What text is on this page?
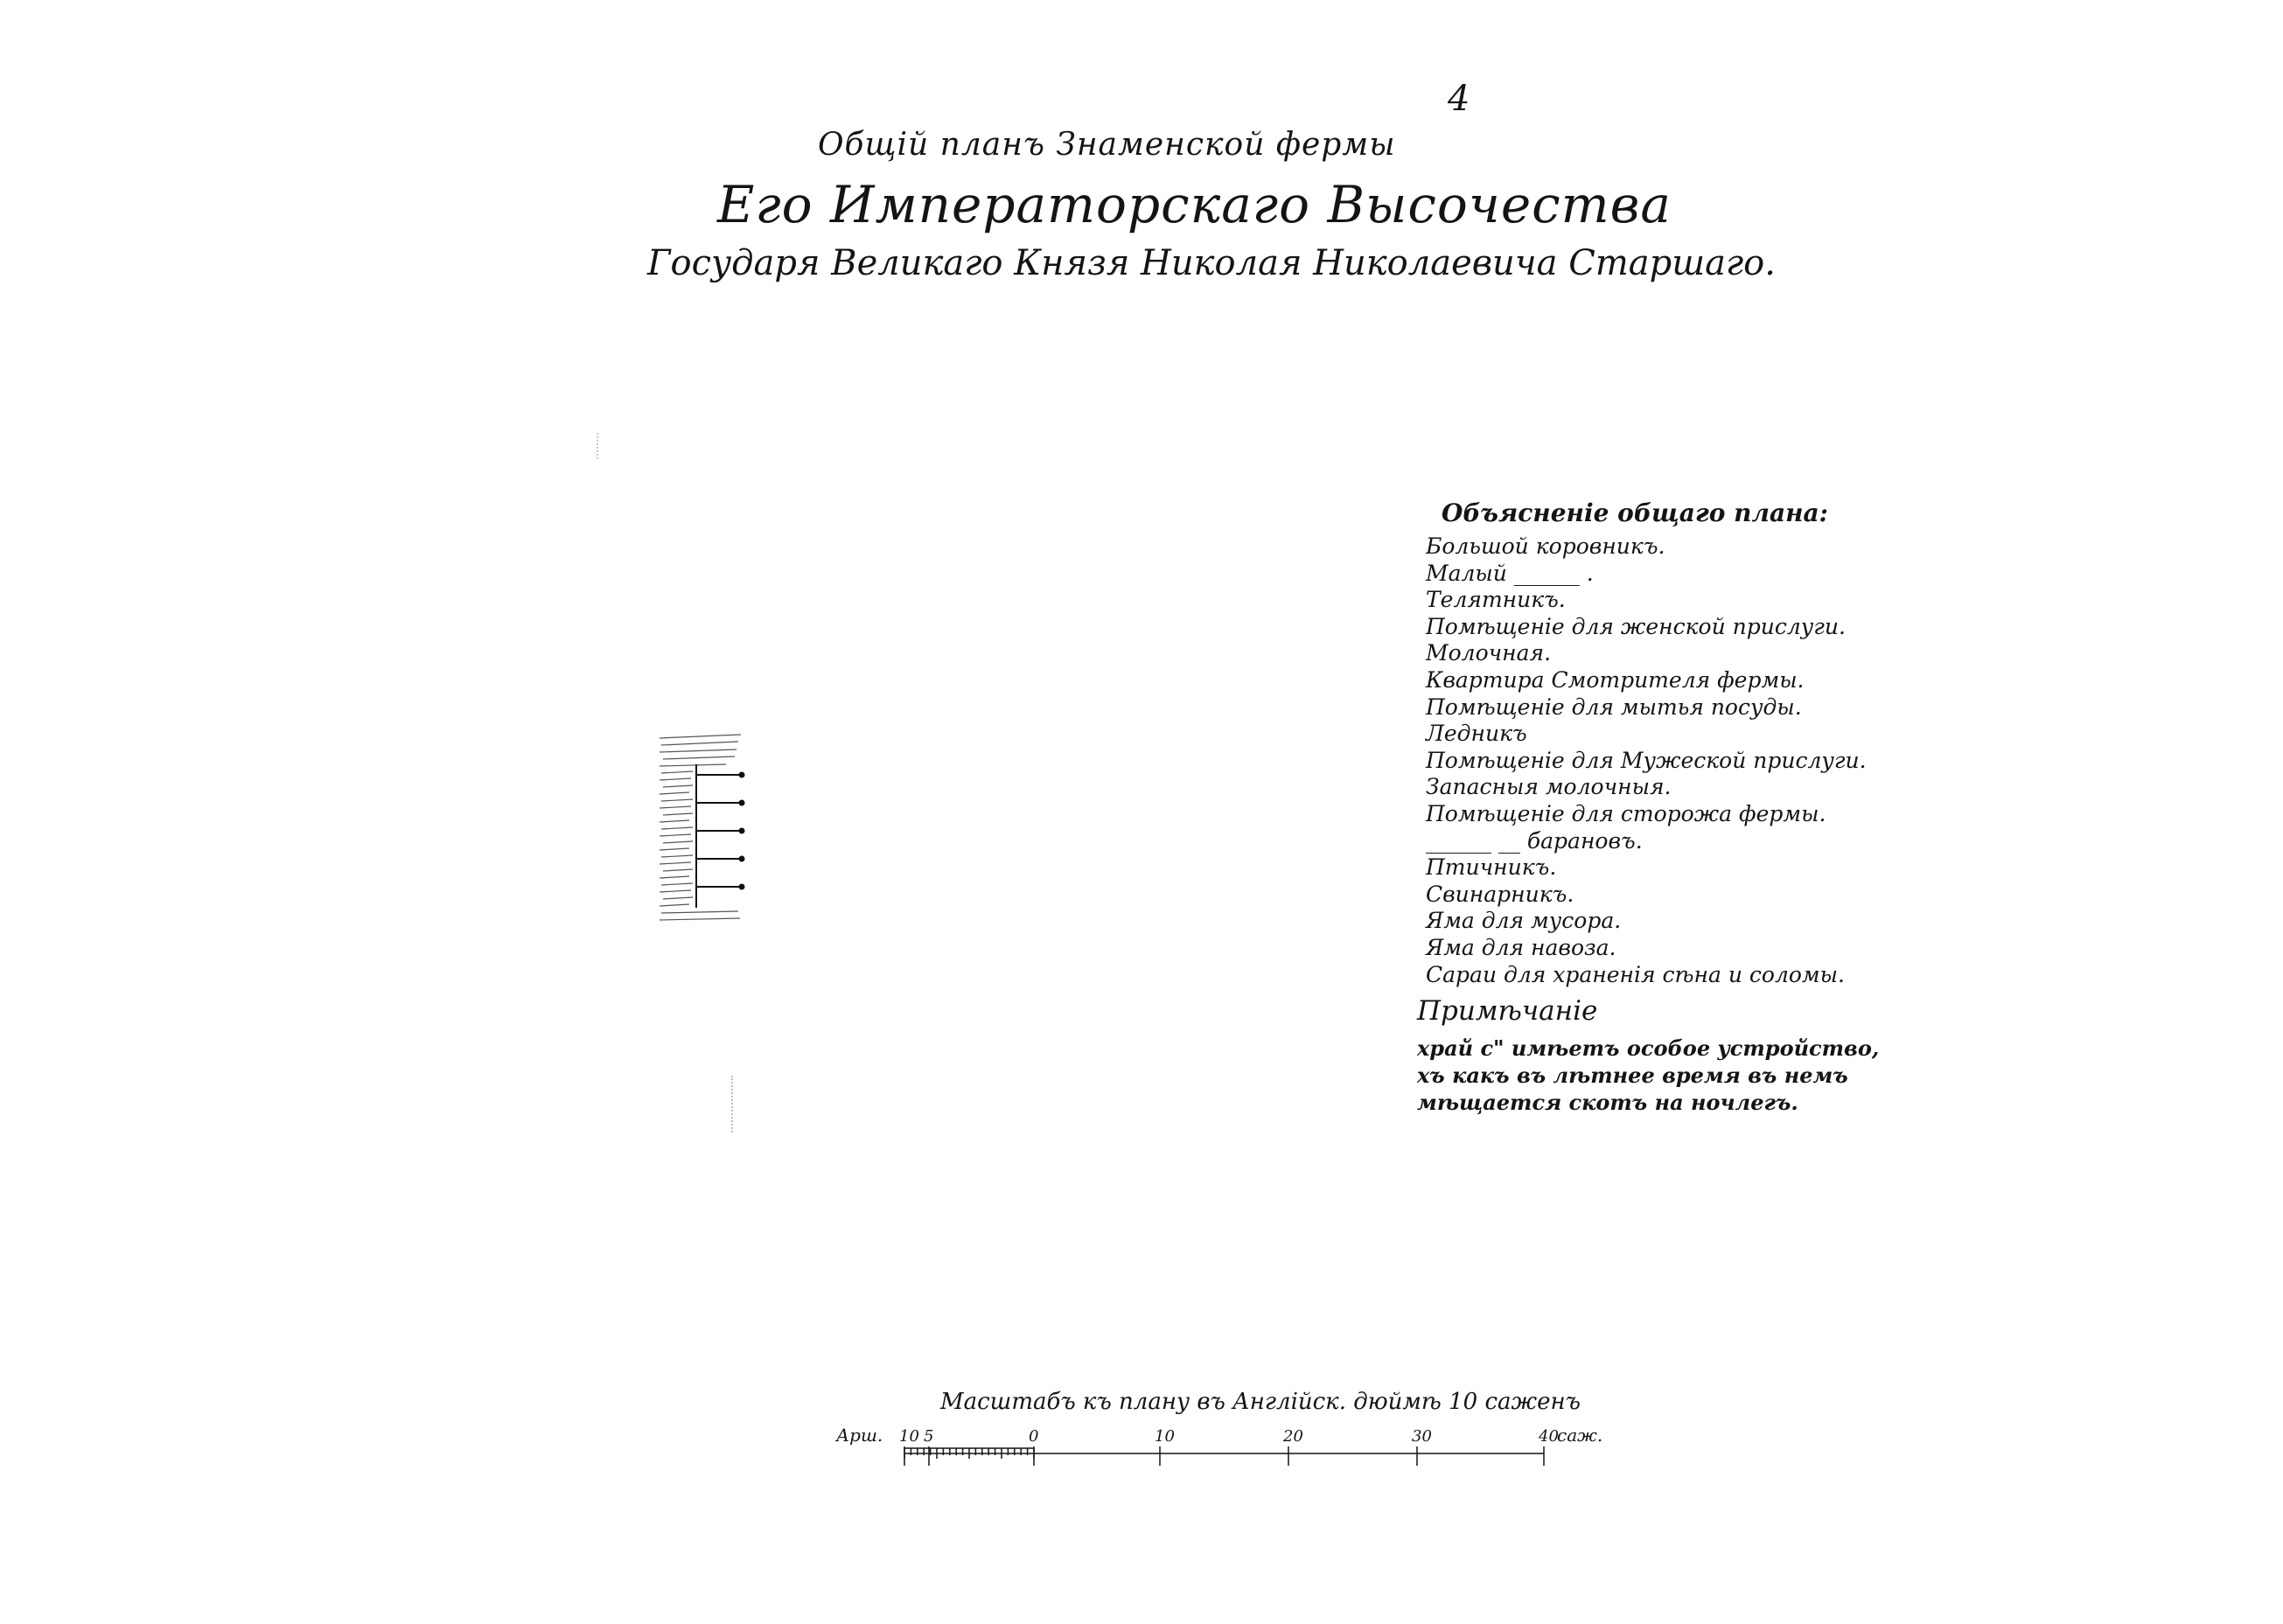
4
Общій планъ Знаменской фермы
Его Императорскаго Высочества
Государя Великаго Князя Николая Николаевича Старшаго.
Объясненіе общаго плана:
Большой коровникъ.
Малый ______ .
Телятникъ.
Помѣщеніе для женской прислуги.
Молочная.
Квартира Смотрителя фермы.
Помѣщеніе для мытья посуды.
Ледникъ
Помѣщеніе для Мужеской прислуги.
Запасныя молочныя.
Помѣщеніе для сторожа фермы.
______ __ барановъ.
Птичникъ.
Свинарникъ.
Яма для мусора.
Яма для навоза.
Сараи для храненія сѣна и соломы.
Примѣчаніе
храй с" имѣетъ особое устройство,
хъ какъ въ лѣтнее время въ немъ
мѣщается скотъ на ночлегъ.
Масштабъ къ плану въ Англійск. дюймѣ 10 саженъ
Арш.	саж.
10 5	0	10	20	30	40
